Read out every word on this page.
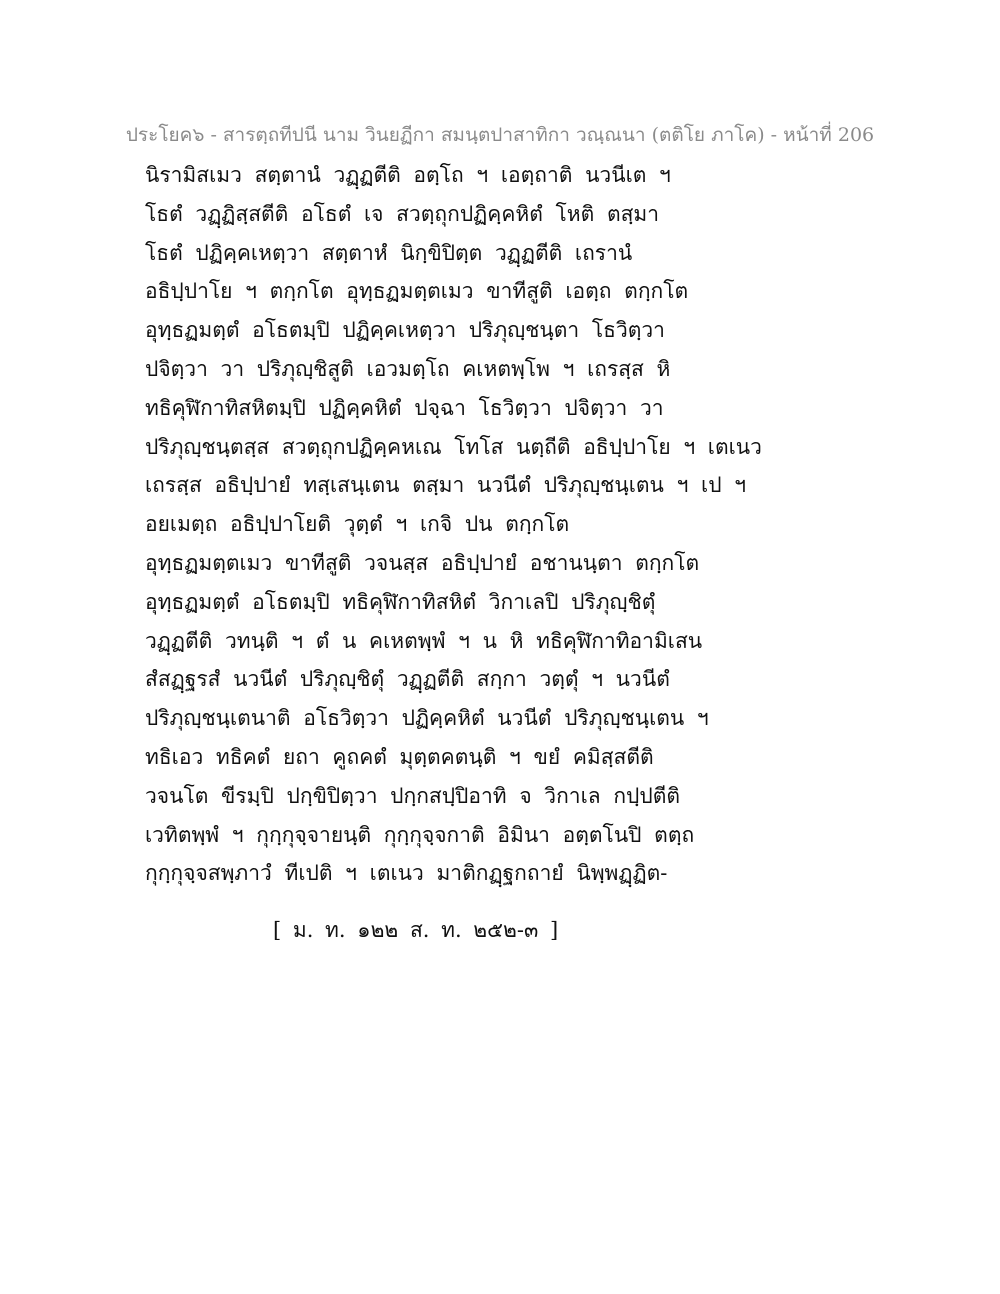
ประโยค๖ - สารตฺถทีปนี นาม วินยฏีกา สมนฺตปาสาทิกา วณฺณนา (ตติโย ภาโค) - หน้าที่ 206
นิรามิสเมว สตฺตานํ วฏฺฏตีติ อตฺโถ ฯ เอตฺถาติ นวนีเต ฯ
โธตํ วฏฺฏิสฺสตีติ อโธตํ เจ สวตฺถุกปฏิคฺคหิตํ โหติ ตสฺมา
โธตํ ปฏิคฺคเหตฺวา สตฺตาหํ นิกฺขิปิตฺต วฏฺฏตีติ เถรานํ
อธิปฺปาโย ฯ ตกฺกโต อุทฺธฏมตฺตเมว ขาทีสูติ เอตฺถ ตกฺกโต
อุทฺธฏมตฺตํ อโธตมฺปิ ปฏิคฺคเหตฺวา ปริภุญฺชนฺตา โธวิตฺวา
ปจิตฺวา วา ปริภุญฺชิสูติ เอวมตฺโถ คเหตพฺโพ ฯ เถรสฺส หิ
ทธิคุฬิกาทิสหิตมฺปิ ปฏิคฺคหิตํ ปจฺฉา โธวิตฺวา ปจิตฺวา วา
ปริภุญฺชนฺตสฺส สวตฺถุกปฏิคฺคหเณ โทโส นตฺถีติ อธิปฺปาโย ฯ เตเนว
เถรสฺส อธิปฺปายํ ทสฺเสนฺเตน ตสฺมา นวนีตํ ปริภุญฺชนฺเตน ฯ เป ฯ
อยเมตฺถ อธิปฺปาโยติ วุตฺตํ ฯ เกจิ ปน ตกฺกโต
อุทฺธฏมตฺตเมว ขาทีสูติ วจนสฺส อธิปฺปายํ อชานนฺตา ตกฺกโต
อุทฺธฏมตฺตํ อโธตมฺปิ ทธิคุฬิกาทิสหิตํ วิกาเลปิ ปริภุญฺชิตุํ
วฏฺฏตีติ วทนฺติ ฯ ตํ น คเหตพฺพํ ฯ น หิ ทธิคุฬิกาทิอามิเสน
สํสฏฺฐรสํ นวนีตํ ปริภุญฺชิตุํ วฏฺฏตีติ สกฺกา วตฺตุํ ฯ นวนีตํ
ปริภุญฺชนฺเตนาติ อโธวิตฺวา ปฏิคฺคหิตํ นวนีตํ ปริภุญฺชนฺเตน ฯ
ทธิเอว ทธิคตํ ยถา คูถคตํ มุตฺตคตนฺติ ฯ ขยํ คมิสฺสตีติ
วจนโต ขีรมฺปิ ปกฺขิปิตฺวา ปกฺกสปฺปิอาทิ จ วิกาเล กปฺปตีติ
เวทิตพฺพํ ฯ กุกฺกุจฺจายนฺติ กุกฺกุจฺจกาติ อิมินา อตฺตโนปิ ตตฺถ
กุกฺกุจฺจสพฺภาวํ ทีเปติ ฯ เตเนว มาติกฏฺฐกถายํ นิพฺพฏฺฏิต-
[ ม. ท. ๑๒๒ ส. ท. ๒๕๒-๓ ]
